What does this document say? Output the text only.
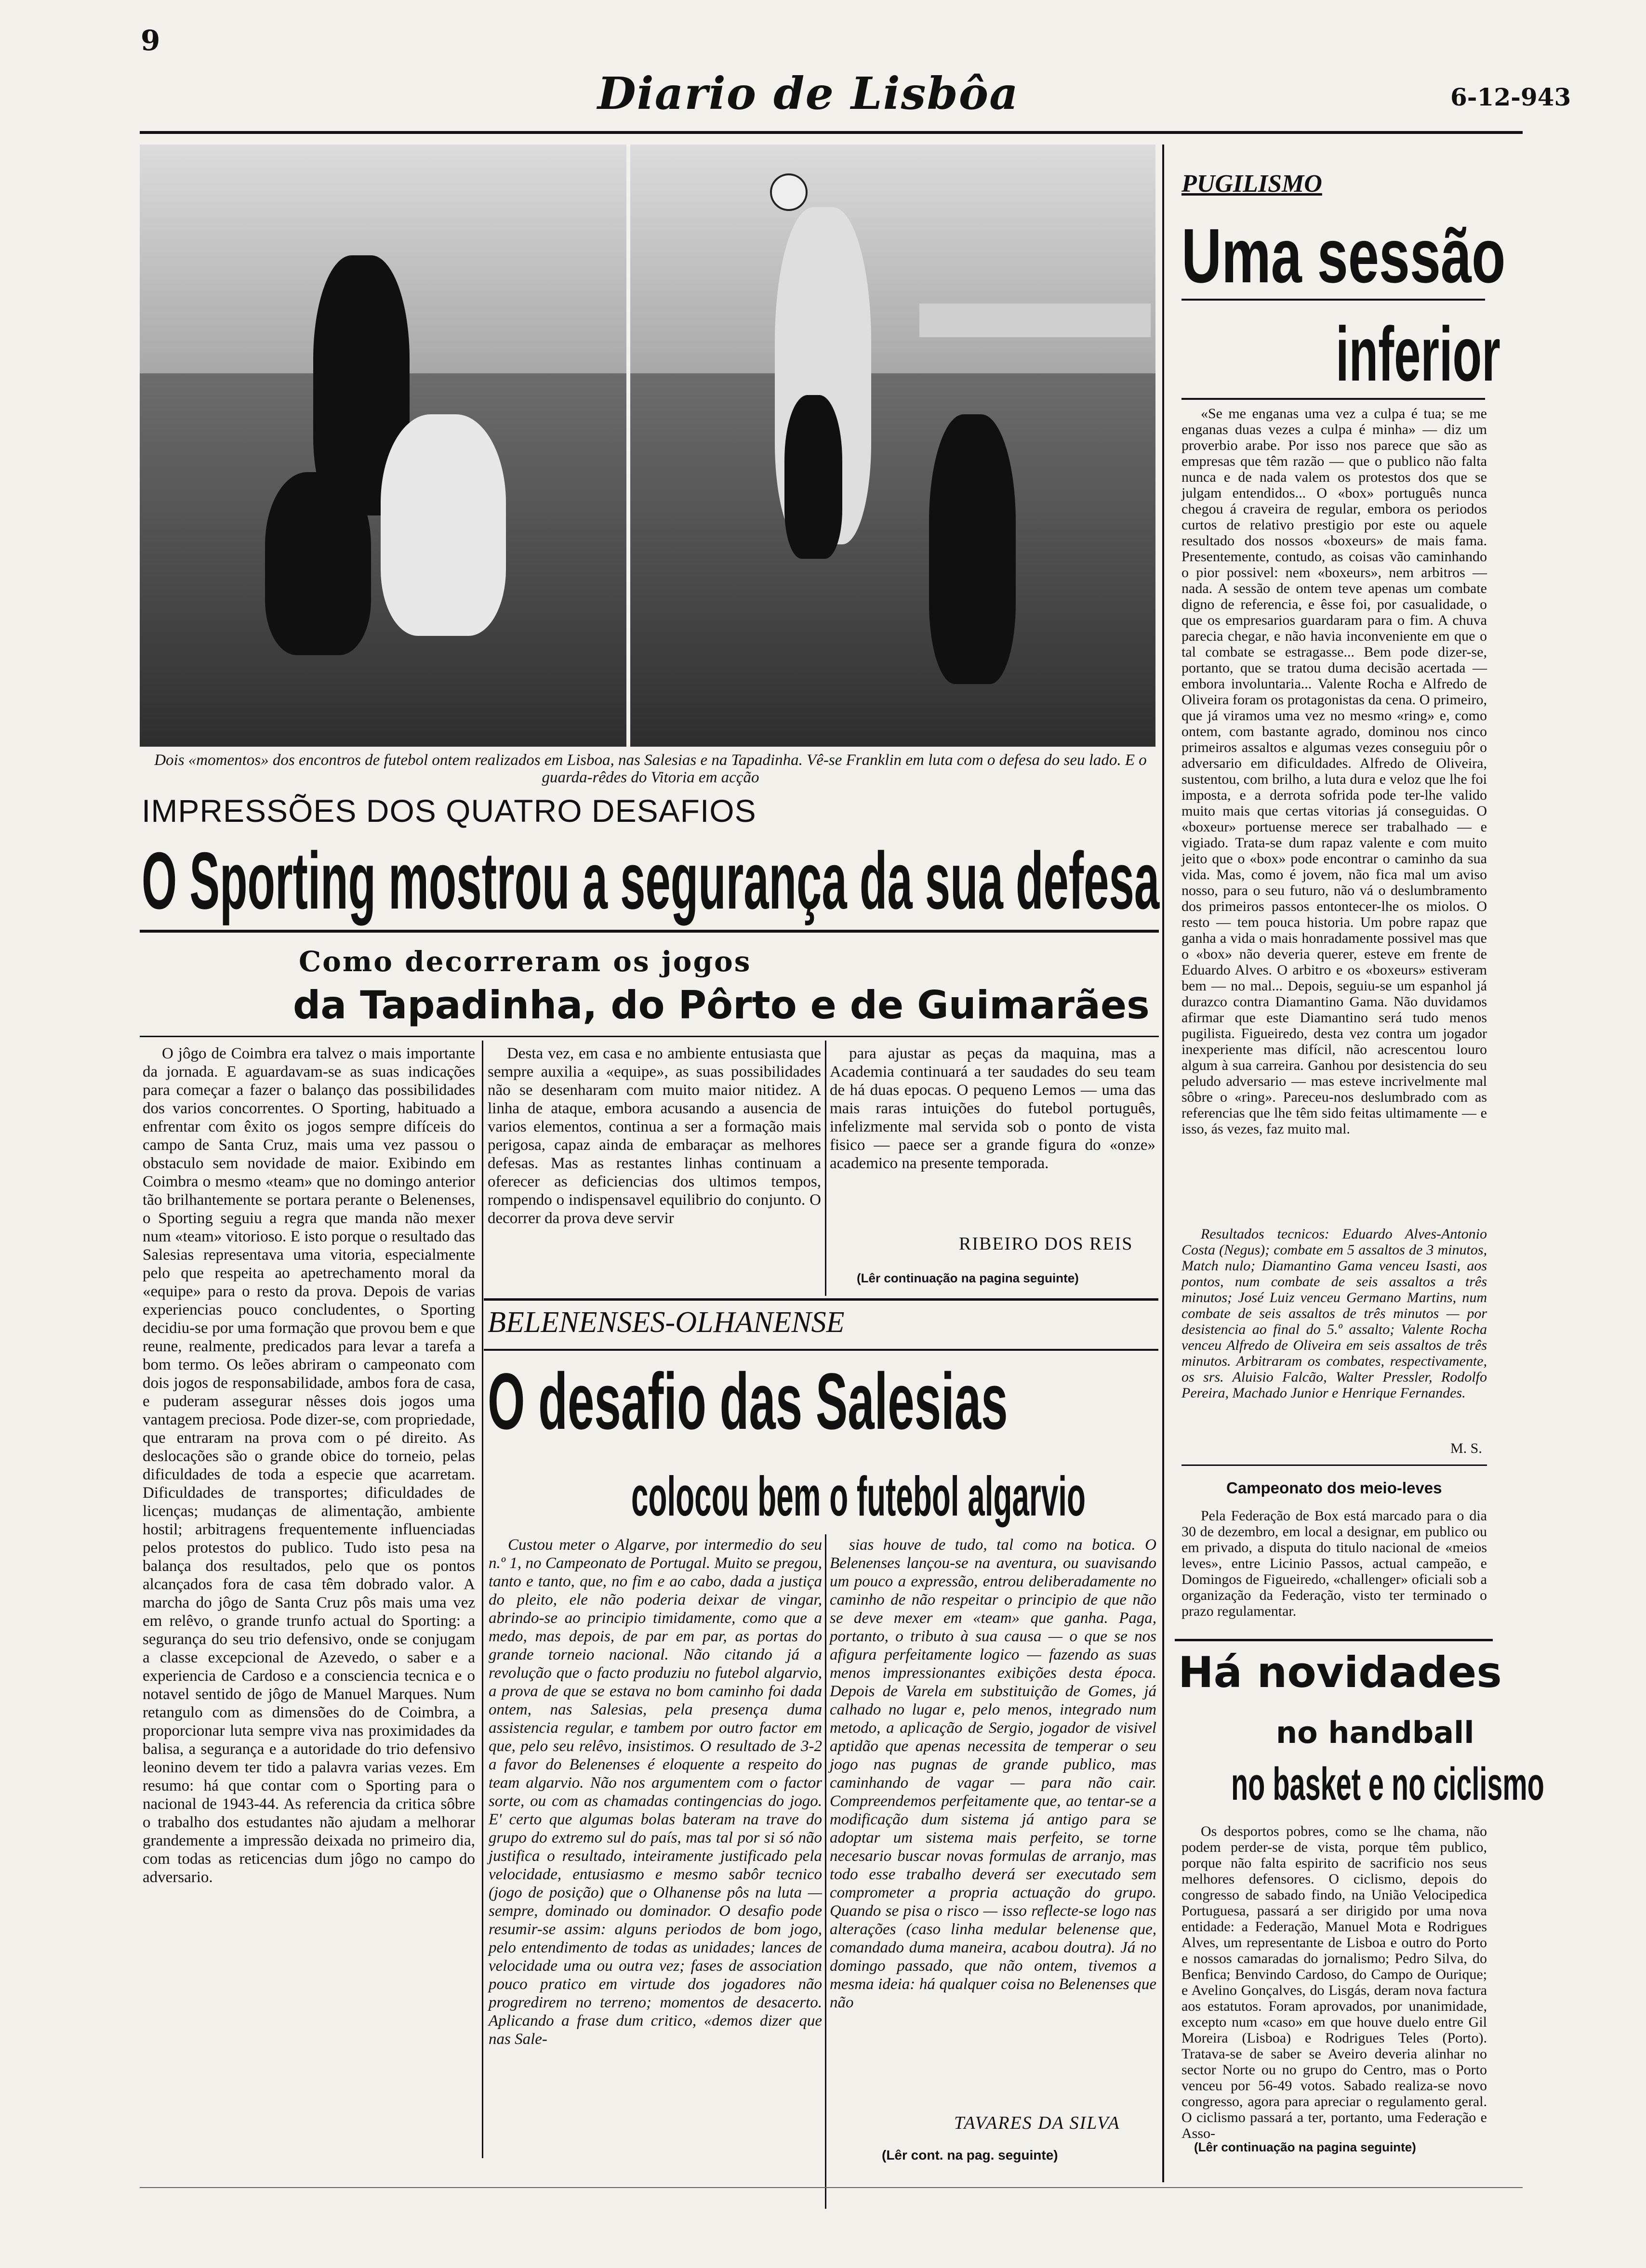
9
Diario de Lisbôa	6-12-943
Dois «momentos» dos encontros de futebol ontem realizados em Lisboa, nas Salesias e na Tapadinha. Vê-se Franklin em luta com o defesa do seu lado. E o guarda-rêdes do Vitoria em acção
IMPRESSÕES DOS QUATRO DESAFIOS
O Sporting mostrou a segurança da sua defesa
Como decorreram os jogos
da Tapadinha, do Pôrto e de Guimarães

O jôgo de Coimbra era talvez o mais importante da jornada. E aguardavam-se as suas indicações para começar a fazer o balanço das possibilidades dos varios concorrentes. O Sporting, habituado a enfrentar com êxito os jogos sempre difíceis do campo de Santa Cruz, mais uma vez passou o obstaculo sem novidade de maior. Exibindo em Coimbra o mesmo «team» que no domingo anterior tão brilhantemente se portara perante o Belenenses, o Sporting seguiu a regra que manda não mexer num «team» vitorioso. E isto porque o resultado das Salesias representava uma vitoria, especialmente pelo que respeita ao apetrechamento moral da «equipe» para o resto da prova. Depois de varias experiencias pouco concludentes, o Sporting decidiu-se por uma formação que provou bem e que reune, realmente, predicados para levar a tarefa a bom termo. Os leões abriram o campeonato com dois jogos de responsabilidade, ambos fora de casa, e puderam assegurar nêsses dois jogos uma vantagem preciosa. Pode dizer-se, com propriedade, que entraram na prova com o pé direito. As deslocações são o grande obice do torneio, pelas dificuldades de toda a especie que acarretam. Dificuldades de transportes; dificuldades de licenças; mudanças de alimentação, ambiente hostil; arbitragens frequentemente influenciadas pelos protestos do publico. Tudo isto pesa na balança dos resultados, pelo que os pontos alcançados fora de casa têm dobrado valor. A marcha do jôgo de Santa Cruz pôs mais uma vez em relêvo, o grande trunfo actual do Sporting: a segurança do seu trio defensivo, onde se conjugam a classe excepcional de Azevedo, o saber e a experiencia de Cardoso e a consciencia tecnica e o notavel sentido de jôgo de Manuel Marques. Num retangulo com as dimensões do de Coimbra, a proporcionar luta sempre viva nas proximidades da balisa, a segurança e a autoridade do trio defensivo leonino devem ter tido a palavra varias vezes. Em resumo: há que contar com o Sporting para o nacional de 1943-44. As referencia da critica sôbre o trabalho dos estudantes não ajudam a melhorar grandemente a impressão deixada no primeiro dia, com todas as reticencias dum jôgo no campo do adversario.

Desta vez, em casa e no ambiente entusiasta que sempre auxilia a «equipe», as suas possibilidades não se desenharam com muito maior nitidez. A linha de ataque, embora acusando a ausencia de varios elementos, continua a ser a formação mais perigosa, capaz ainda de embaraçar as melhores defesas. Mas as restantes linhas continuam a oferecer as deficiencias dos ultimos tempos, rompendo o indispensavel equilibrio do conjunto. O decorrer da prova deve servir

para ajustar as peças da maquina, mas a Academia continuará a ter saudades do seu team de há duas epocas. O pequeno Lemos — uma das mais raras intuições do futebol português, infelizmente mal servida sob o ponto de vista fisico — paece ser a grande figura do «onze» academico na presente temporada.

RIBEIRO DOS REIS
(Lêr continuação na pagina seguinte)
BELENENSES-OLHANENSE
O desafio das Salesias
colocou bem o futebol algarvio

Custou meter o Algarve, por intermedio do seu n.º 1, no Campeonato de Portugal. Muito se pregou, tanto e tanto, que, no fim e ao cabo, dada a justiça do pleito, ele não poderia deixar de vingar, abrindo-se ao principio timidamente, como que a medo, mas depois, de par em par, as portas do grande torneio nacional. Não citando já a revolução que o facto produziu no futebol algarvio, a prova de que se estava no bom caminho foi dada ontem, nas Salesias, pela presença duma assistencia regular, e tambem por outro factor em que, pelo seu relêvo, insistimos. O resultado de 3-2 a favor do Belenenses é eloquente a respeito do team algarvio. Não nos argumentem com o factor sorte, ou com as chamadas contingencias do jogo. E' certo que algumas bolas bateram na trave do grupo do extremo sul do país, mas tal por si só não justifica o resultado, inteiramente justificado pela velocidade, entusiasmo e mesmo sabôr tecnico (jogo de posição) que o Olhanense pôs na luta — sempre, dominado ou dominador. O desafio pode resumir-se assim: alguns periodos de bom jogo, pelo entendimento de todas as unidades; lances de velocidade uma ou outra vez; fases de association pouco pratico em virtude dos jogadores não progredirem no terreno; momentos de desacerto. Aplicando a frase dum critico, «demos dizer que nas Sale-

sias houve de tudo, tal como na botica. O Belenenses lançou-se na aventura, ou suavisando um pouco a expressão, entrou deliberadamente no caminho de não respeitar o principio de que não se deve mexer em «team» que ganha. Paga, portanto, o tributo à sua causa — o que se nos afigura perfeitamente logico — fazendo as suas menos impressionantes exibições desta época. Depois de Varela em substituição de Gomes, já calhado no lugar e, pelo menos, integrado num metodo, a aplicação de Sergio, jogador de visivel aptidão que apenas necessita de temperar o seu jogo nas pugnas de grande publico, mas caminhando de vagar — para não cair. Compreendemos perfeitamente que, ao tentar-se a modificação dum sistema já antigo para se adoptar um sistema mais perfeito, se torne necesario buscar novas formulas de arranjo, mas todo esse trabalho deverá ser executado sem comprometer a propria actuação do grupo. Quando se pisa o risco — isso reflecte-se logo nas alterações (caso linha medular belenense que, comandado duma maneira, acabou doutra). Já no domingo passado, que não ontem, tivemos a mesma ideia: há qualquer coisa no Belenenses que não

TAVARES DA SILVA
(Lêr cont. na pag. seguinte)
PUGILISMO
Uma sessão
inferior

«Se me enganas uma vez a culpa é tua; se me enganas duas vezes a culpa é minha» — diz um proverbio arabe. Por isso nos parece que são as empresas que têm razão — que o publico não falta nunca e de nada valem os protestos dos que se julgam entendidos... O «box» português nunca chegou á craveira de regular, embora os periodos curtos de relativo prestigio por este ou aquele resultado dos nossos «boxeurs» de mais fama. Presentemente, contudo, as coisas vão caminhando o pior possivel: nem «boxeurs», nem arbitros — nada. A sessão de ontem teve apenas um combate digno de referencia, e êsse foi, por casualidade, o que os empresarios guardaram para o fim. A chuva parecia chegar, e não havia inconveniente em que o tal combate se estragasse... Bem pode dizer-se, portanto, que se tratou duma decisão acertada — embora involuntaria... Valente Rocha e Alfredo de Oliveira foram os protagonistas da cena. O primeiro, que já viramos uma vez no mesmo «ring» e, como ontem, com bastante agrado, dominou nos cinco primeiros assaltos e algumas vezes conseguiu pôr o adversario em dificuldades. Alfredo de Oliveira, sustentou, com brilho, a luta dura e veloz que lhe foi imposta, e a derrota sofrida pode ter-lhe valido muito mais que certas vitorias já conseguidas. O «boxeur» portuense merece ser trabalhado — e vigiado. Trata-se dum rapaz valente e com muito jeito que o «box» pode encontrar o caminho da sua vida. Mas, como é jovem, não fica mal um aviso nosso, para o seu futuro, não vá o deslumbramento dos primeiros passos entontecer-lhe os miolos. O resto — tem pouca historia. Um pobre rapaz que ganha a vida o mais honradamente possivel mas que o «box» não deveria querer, esteve em frente de Eduardo Alves. O arbitro e os «boxeurs» estiveram bem — no mal... Depois, seguiu-se um espanhol já durazco contra Diamantino Gama. Não duvidamos afirmar que este Diamantino será tudo menos pugilista. Figueiredo, desta vez contra um jogador inexperiente mas difícil, não acrescentou louro algum à sua carreira. Ganhou por desistencia do seu peludo adversario — mas esteve incrivelmente mal sôbre o «ring». Pareceu-nos deslumbrado com as referencias que lhe têm sido feitas ultimamente — e isso, ás vezes, faz muito mal.

Resultados tecnicos: Eduardo Alves-Antonio Costa (Negus); combate em 5 assaltos de 3 minutos, Match nulo; Diamantino Gama venceu Isasti, aos pontos, num combate de seis assaltos a três minutos; José Luiz venceu Germano Martins, num combate de seis assaltos de três minutos — por desistencia ao final do 5.º assalto; Valente Rocha venceu Alfredo de Oliveira em seis assaltos de três minutos. Arbitraram os combates, respectivamente, os srs. Aluisio Falcão, Walter Pressler, Rodolfo Pereira, Machado Junior e Henrique Fernandes.

M. S.
Campeonato dos meio-leves

Pela Federação de Box está marcado para o dia 30 de dezembro, em local a designar, em publico ou em privado, a disputa do titulo nacional de «meios leves», entre Licinio Passos, actual campeão, e Domingos de Figueiredo, «challenger» oficiali sob a organização da Federação, visto ter terminado o prazo regulamentar.

Há novidades
no handball
no basket e no ciclismo

Os desportos pobres, como se lhe chama, não podem perder-se de vista, porque têm publico, porque não falta espirito de sacrificio nos seus melhores defensores. O ciclismo, depois do congresso de sabado findo, na União Velocipedica Portuguesa, passará a ser dirigido por uma nova entidade: a Federação, Manuel Mota e Rodrigues Alves, um representante de Lisboa e outro do Porto e nossos camaradas do jornalismo; Pedro Silva, do Benfica; Benvindo Cardoso, do Campo de Ourique; e Avelino Gonçalves, do Lisgás, deram nova factura aos estatutos. Foram aprovados, por unanimidade, excepto num «caso» em que houve duelo entre Gil Moreira (Lisboa) e Rodrigues Teles (Porto). Tratava-se de saber se Aveiro deveria alinhar no sector Norte ou no grupo do Centro, mas o Porto venceu por 56-49 votos. Sabado realiza-se novo congresso, agora para apreciar o regulamento geral. O ciclismo passará a ter, portanto, uma Federação e Asso-

(Lêr continuação na pagina seguinte)
